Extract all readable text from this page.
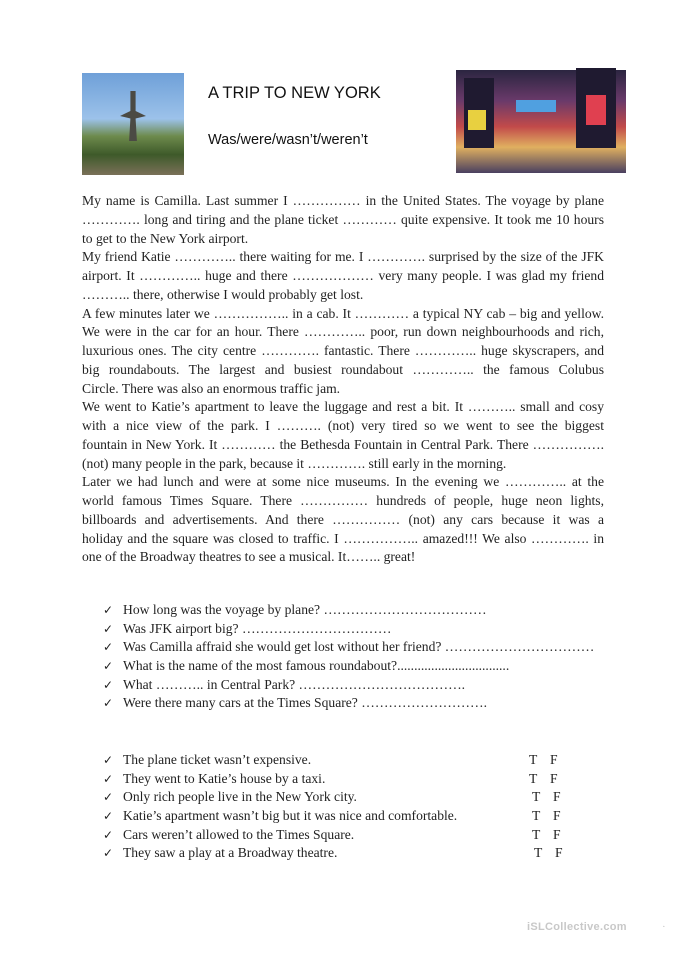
A TRIP TO NEW YORK
Was/were/wasn’t/weren’t
My name is Camilla. Last summer I …………… in the United States. The voyage by plane
…………. long and tiring and the plane ticket ………… quite expensive. It took me 10 hours
to get to the New York airport.
My friend Katie ………….. there waiting for me. I …………. surprised by the size of the JFK
airport. It ………….. huge and there ……………… very many people. I was glad my friend
……….. there, otherwise I would probably get lost.
A few minutes later we …………….. in a cab. It ………… a typical NY cab – big and yellow.
We were in the car for an hour. There ………….. poor, run down neighbourhoods and rich,
luxurious ones. The city centre …………. fantastic. There ………….. huge skyscrapers, and
big roundabouts. The largest and busiest roundabout ………….. the famous Colubus
Circle. There was also an enormous traffic jam.
We went to Katie’s apartment to leave the luggage and rest a bit. It ……….. small and cosy
with a nice view of the park. I ………. (not) very tired so we went to see the biggest
fountain in New York. It ………… the Bethesda Fountain in Central Park. There …………….
(not) many people in the park, because it …………. still early in the morning.
Later we had lunch and were at some nice museums. In the evening we ………….. at the
world famous Times Square. There …………… hundreds of people, huge neon lights,
billboards and advertisements. And there …………… (not) any cars because it was a
holiday and the square was closed to traffic. I …………….. amazed!!! We also …………. in
one of the Broadway theatres to see a musical. It…….. great!
✓ How long was the voyage by plane? ………………………………
✓ Was JFK airport big? ……………………………
✓ Was Camilla affraid she would get lost without her friend? ……………………………
✓ What is the name of the most famous roundabout?.................................
✓ What ……….. in Central Park? ……………………………….
✓ Were there many cars at the Times Square? ……………………….
✓ The plane ticket wasn’t expensive.	T F
✓ They went to Katie’s house by a taxi.	T F
✓ Only rich people live in the New York city.	T F
✓ Katie’s apartment wasn’t big but it was nice and comfortable.	T F
✓ Cars weren’t allowed to the Times Square.	T F
✓ They saw a play at a Broadway theatre.	T F
iSLCollective.com	·
